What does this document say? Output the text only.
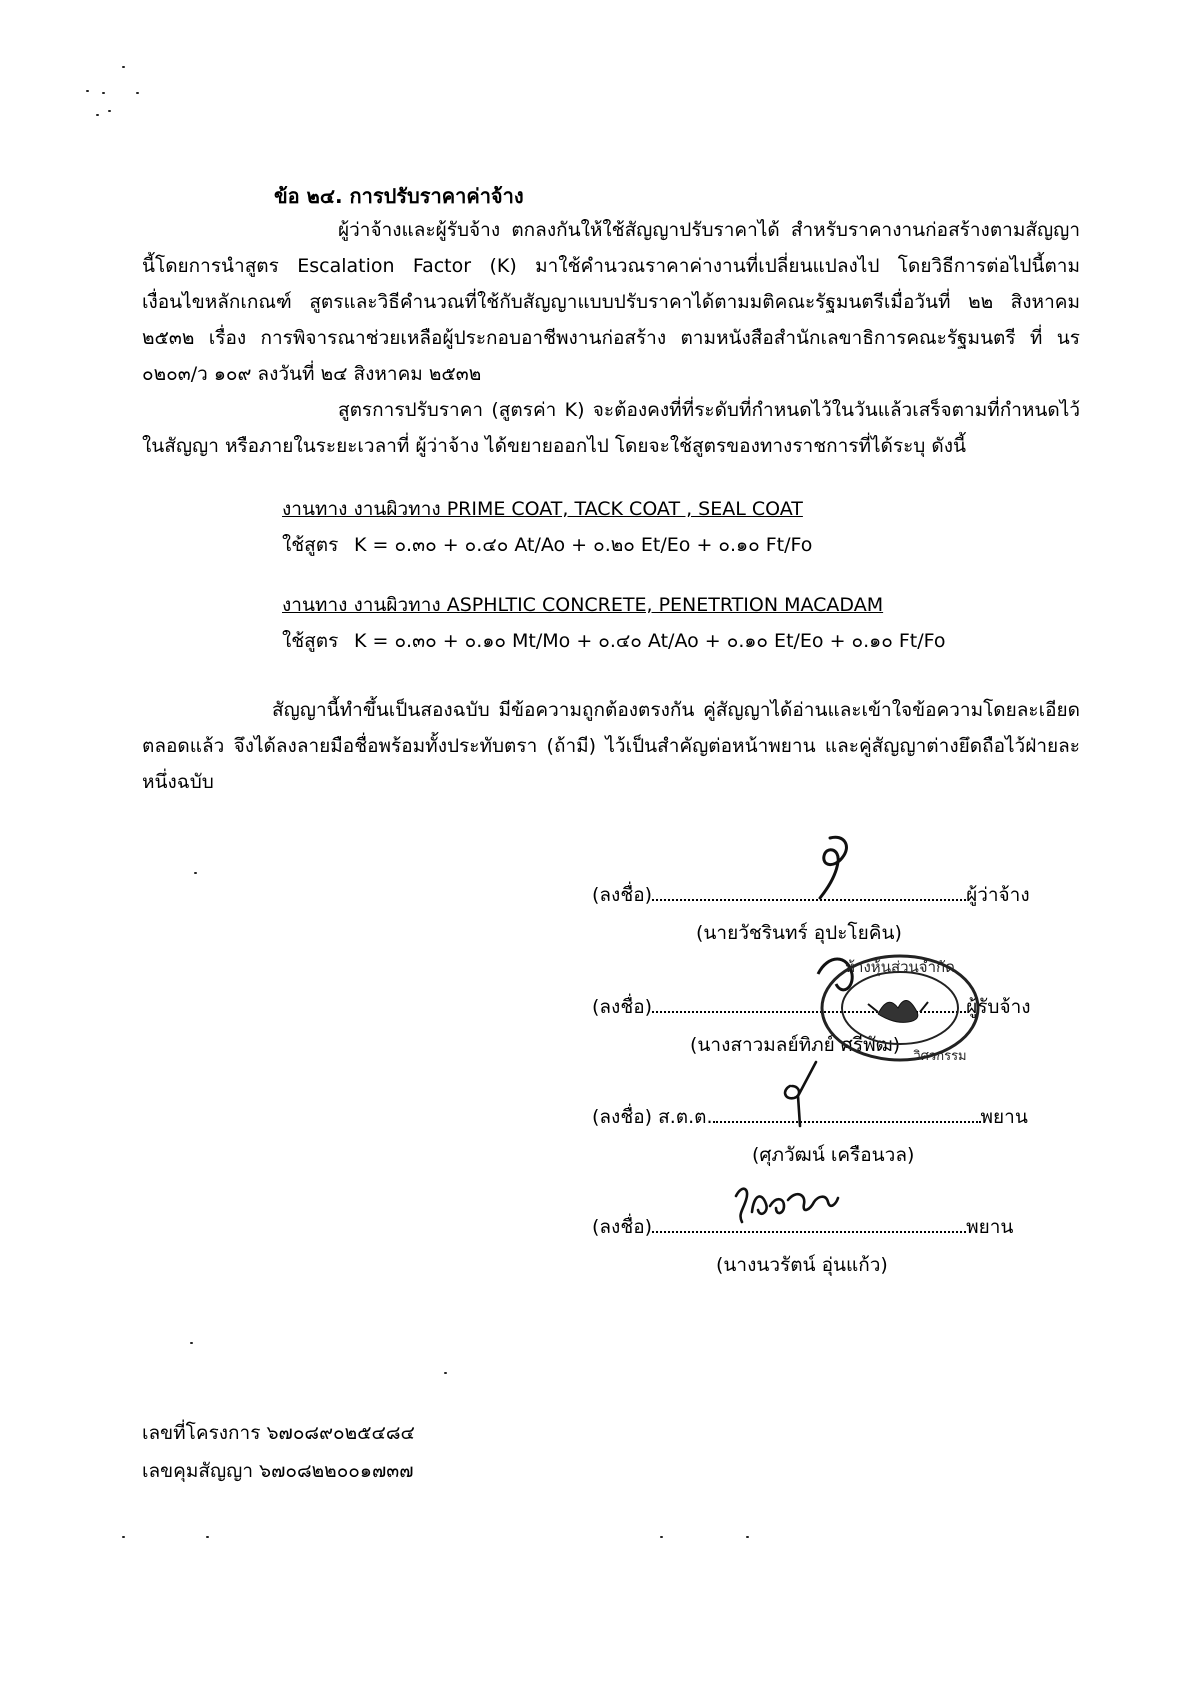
ข้อ ๒๔. การปรับราคาค่าจ้าง
ผู้ว่าจ้างและผู้รับจ้าง ตกลงกันให้ใช้สัญญาปรับราคาได้ สำหรับราคางานก่อสร้างตามสัญญานี้โดยการนำสูตร Escalation Factor (K) มาใช้คำนวณราคาค่างานที่เปลี่ยนแปลงไป โดยวิธีการต่อไปนี้ตามเงื่อนไขหลักเกณฑ์ สูตรและวิธีคำนวณที่ใช้กับสัญญาแบบปรับราคาได้ตามมติคณะรัฐมนตรีเมื่อวันที่ ๒๒ สิงหาคม ๒๕๓๒ เรื่อง การพิจารณาช่วยเหลือผู้ประกอบอาชีพงานก่อสร้าง ตามหนังสือสำนักเลขาธิการคณะรัฐมนตรี ที่ นร ๐๒๐๓/ว ๑๐๙ ลงวันที่ ๒๔ สิงหาคม ๒๕๓๒
สูตรการปรับราคา (สูตรค่า K) จะต้องคงที่ที่ระดับที่กำหนดไว้ในวันแล้วเสร็จตามที่กำหนดไว้ในสัญญา หรือภายในระยะเวลาที่ ผู้ว่าจ้าง ได้ขยายออกไป โดยจะใช้สูตรของทางราชการที่ได้ระบุ ดังนี้
งานทาง งานผิวทาง PRIME COAT, TACK COAT , SEAL COAT
ใช้สูตร K = ๐.๓๐ + ๐.๔๐ At/Ao + ๐.๒๐ Et/Eo + ๐.๑๐ Ft/Fo
งานทาง งานผิวทาง ASPHLTIC CONCRETE, PENETRTION MACADAM
ใช้สูตร K = ๐.๓๐ + ๐.๑๐ Mt/Mo + ๐.๔๐ At/Ao + ๐.๑๐ Et/Eo + ๐.๑๐ Ft/Fo
สัญญานี้ทำขึ้นเป็นสองฉบับ มีข้อความถูกต้องตรงกัน คู่สัญญาได้อ่านและเข้าใจข้อความโดยละเอียดตลอดแล้ว จึงได้ลงลายมือชื่อพร้อมทั้งประทับตรา (ถ้ามี) ไว้เป็นสำคัญต่อหน้าพยาน และคู่สัญญาต่างยึดถือไว้ฝ่ายละหนึ่งฉบับ
(ลงชื่อ)	ผู้ว่าจ้าง
(นายวัชรินทร์ อุปะโยคิน)
(ลงชื่อ)	ผู้รับจ้าง
(นางสาวมลย์ทิภย์ ศรีพัฒ)
(ลงชื่อ) ส.ต.ต.	พยาน
(ศุภวัฒน์ เครือนวล)
(ลงชื่อ)	พยาน
(นางนวรัตน์ อุ่นแก้ว)
ห้างหุ้นส่วนจำกัด
วิศวกรรม
เลขที่โครงการ ๖๗๐๘๙๐๒๕๔๘๔
เลขคุมสัญญา ๖๗๐๘๒๒๐๐๑๗๓๗
